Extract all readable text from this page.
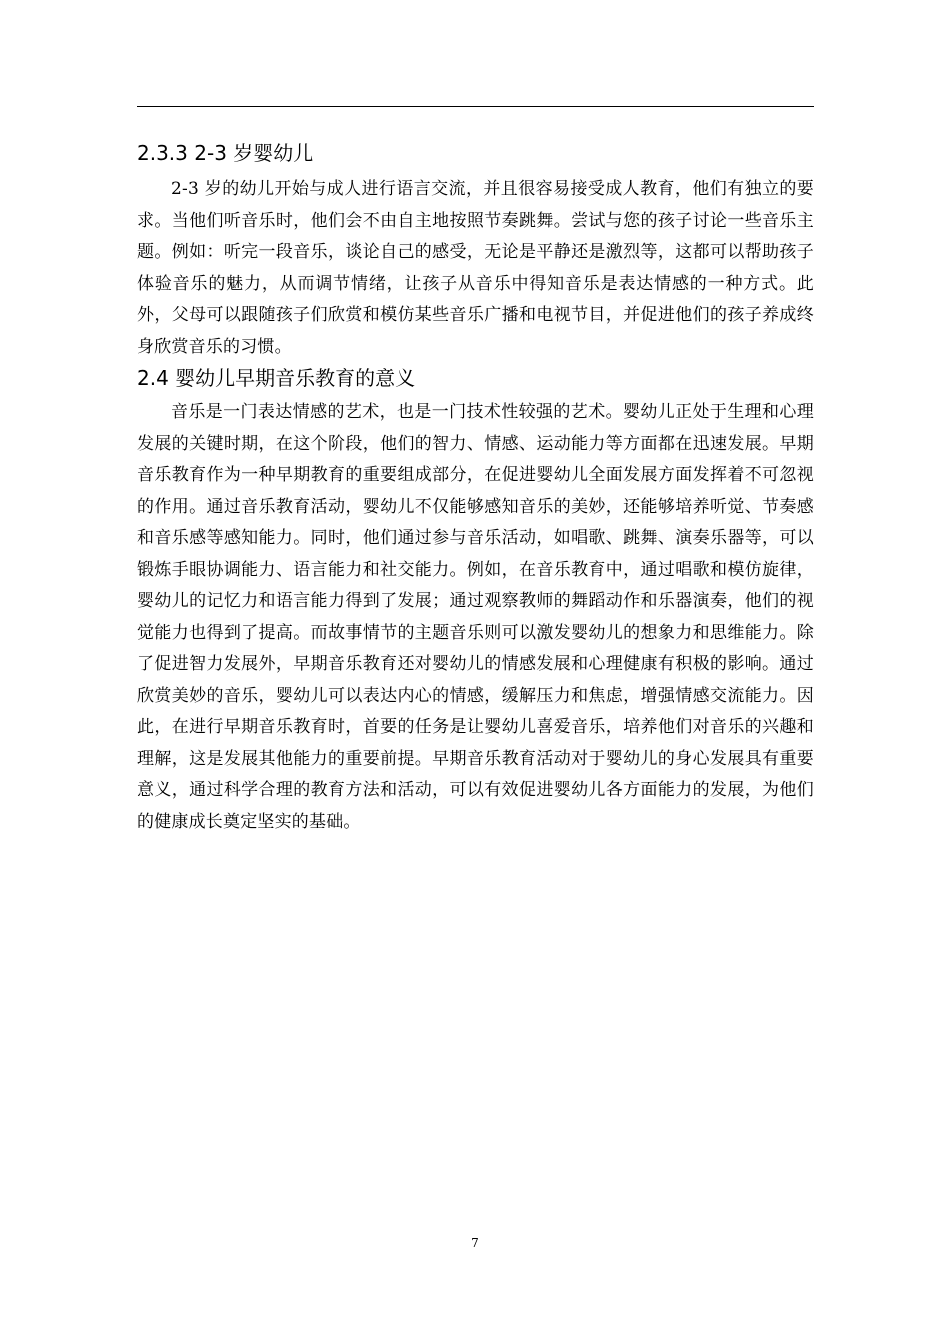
2.3.3 2-3 岁婴幼儿

2-3 岁的幼儿开始与成人进行语言交流，并且很容易接受成人教育，他们有独立的要求。当他们听音乐时，他们会不由自主地按照节奏跳舞。尝试与您的孩子讨论一些音乐主题。例如：听完一段音乐，谈论自己的感受，无论是平静还是激烈等，这都可以帮助孩子体验音乐的魅力，从而调节情绪，让孩子从音乐中得知音乐是表达情感的一种方式。此外，父母可以跟随孩子们欣赏和模仿某些音乐广播和电视节目，并促进他们的孩子养成终身欣赏音乐的习惯。

2.4 婴幼儿早期音乐教育的意义

音乐是一门表达情感的艺术，也是一门技术性较强的艺术。婴幼儿正处于生理和心理发展的关键时期，在这个阶段，他们的智力、情感、运动能力等方面都在迅速发展。早期音乐教育作为一种早期教育的重要组成部分，在促进婴幼儿全面发展方面发挥着不可忽视的作用。通过音乐教育活动，婴幼儿不仅能够感知音乐的美妙，还能够培养听觉、节奏感和音乐感等感知能力。同时，他们通过参与音乐活动，如唱歌、跳舞、演奏乐器等，可以锻炼手眼协调能力、语言能力和社交能力。例如，在音乐教育中，通过唱歌和模仿旋律，婴幼儿的记忆力和语言能力得到了发展；通过观察教师的舞蹈动作和乐器演奏，他们的视觉能力也得到了提高。而故事情节的主题音乐则可以激发婴幼儿的想象力和思维能力。除了促进智力发展外，早期音乐教育还对婴幼儿的情感发展和心理健康有积极的影响。通过欣赏美妙的音乐，婴幼儿可以表达内心的情感，缓解压力和焦虑，增强情感交流能力。因此，在进行早期音乐教育时，首要的任务是让婴幼儿喜爱音乐，培养他们对音乐的兴趣和理解，这是发展其他能力的重要前提。早期音乐教育活动对于婴幼儿的身心发展具有重要意义，通过科学合理的教育方法和活动，可以有效促进婴幼儿各方面能力的发展，为他们的健康成长奠定坚实的基础。

7
